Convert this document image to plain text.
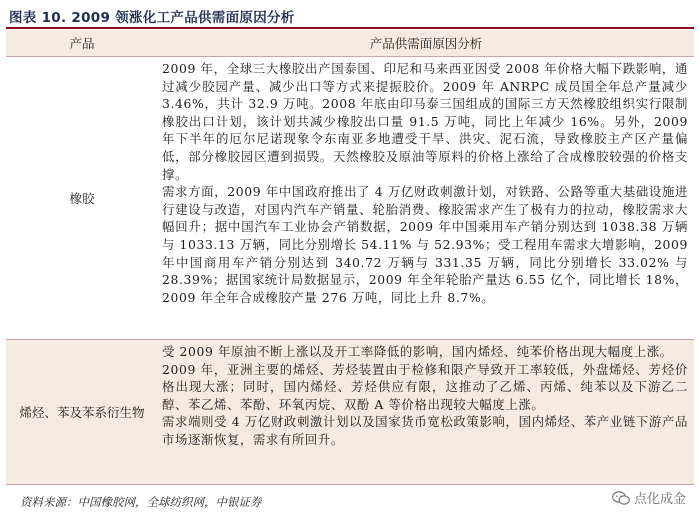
图表 10. 2009 领涨化工产品供需面原因分析
产品	产品供需面原因分析
橡胶

2009 年，全球三大橡胶出产国泰国、印尼和马来西亚因受 2008 年价格大幅下跌影响，通过减少胶园产量、减少出口等方式来提振胶价。2009 年 ANRPC 成员国全年总产量减少 3.46%，共计 32.9 万吨。2008 年底由印马泰三国组成的国际三方天然橡胶组织实行限制橡胶出口计划，该计划共减少橡胶出口量 91.5 万吨，同比上年减少 16%。另外，2009 年下半年的厄尔尼诺现象令东南亚多地遭受干旱、洪灾、泥石流，导致橡胶主产区产量偏低，部分橡胶园区遭到损毁。天然橡胶及原油等原料的价格上涨给了合成橡胶较强的价格支撑。

需求方面，2009 年中国政府推出了 4 万亿财政刺激计划，对铁路、公路等重大基础设施进行建设与改造，对国内汽车产销量、轮胎消费、橡胶需求产生了极有力的拉动，橡胶需求大幅回升；据中国汽车工业协会产销数据，2009 年中国乘用车产销分别达到 1038.38 万辆与 1033.13 万辆，同比分别增长 54.11% 与 52.93%；受工程用车需求大增影响，2009 年中国商用车产销分别达到 340.72 万辆与 331.35 万辆，同比分别增长 33.02% 与 28.39%；据国家统计局数据显示，2009 年全年轮胎产量达 6.55 亿个，同比增长 18%，2009 年全年合成橡胶产量 276 万吨，同比上升 8.7%。

烯烃、苯及苯系衍生物

受 2009 年原油不断上涨以及开工率降低的影响，国内烯烃、纯苯价格出现大幅度上涨。

2009 年，亚洲主要的烯烃、芳烃装置由于检修和限产导致开工率较低，外盘烯烃、芳烃价格出现大涨；同时，国内烯烃、芳烃供应有限，这推动了乙烯、丙烯、纯苯以及下游乙二醇、苯乙烯、苯酚、环氧丙烷、双酚 A 等价格出现较大幅度上涨。

需求端则受 4 万亿财政刺激计划以及国家货币宽松政策影响，国内烯烃、苯产业链下游产品市场逐渐恢复，需求有所回升。

资料来源：中国橡胶网，全球纺织网，中银证券	点化成金
